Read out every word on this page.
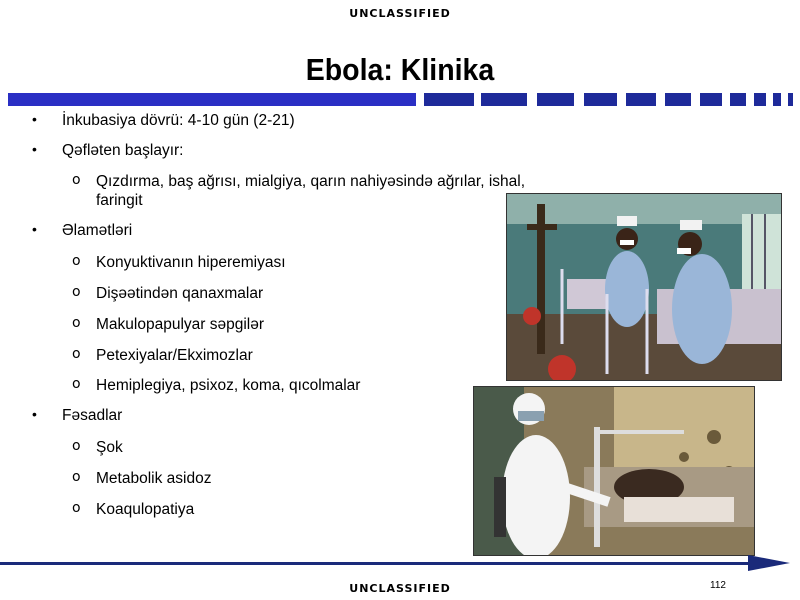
UNCLASSIFIED
Ebola: Klinika
• İnkubasiya dövrü: 4-10 gün (2-21)
• Qəfləten başlayır:
o Qızdırma, baş ağrısı, mialgiya, qarın nahiyəsində ağrılar, ishal,
faringit
• Əlamətləri
o Konyuktivanın hiperemiyası
o Dişəətindən qanaxmalar
o Makulopapulyar səpgilər
o Petexiyalar/Ekximozlar
o Hemiplegiya, psixoz, koma, qıcolmalar
• Fəsadlar
o Şok
o Metabolik asidoz
o Koaqulopatiya
112
UNCLASSIFIED
